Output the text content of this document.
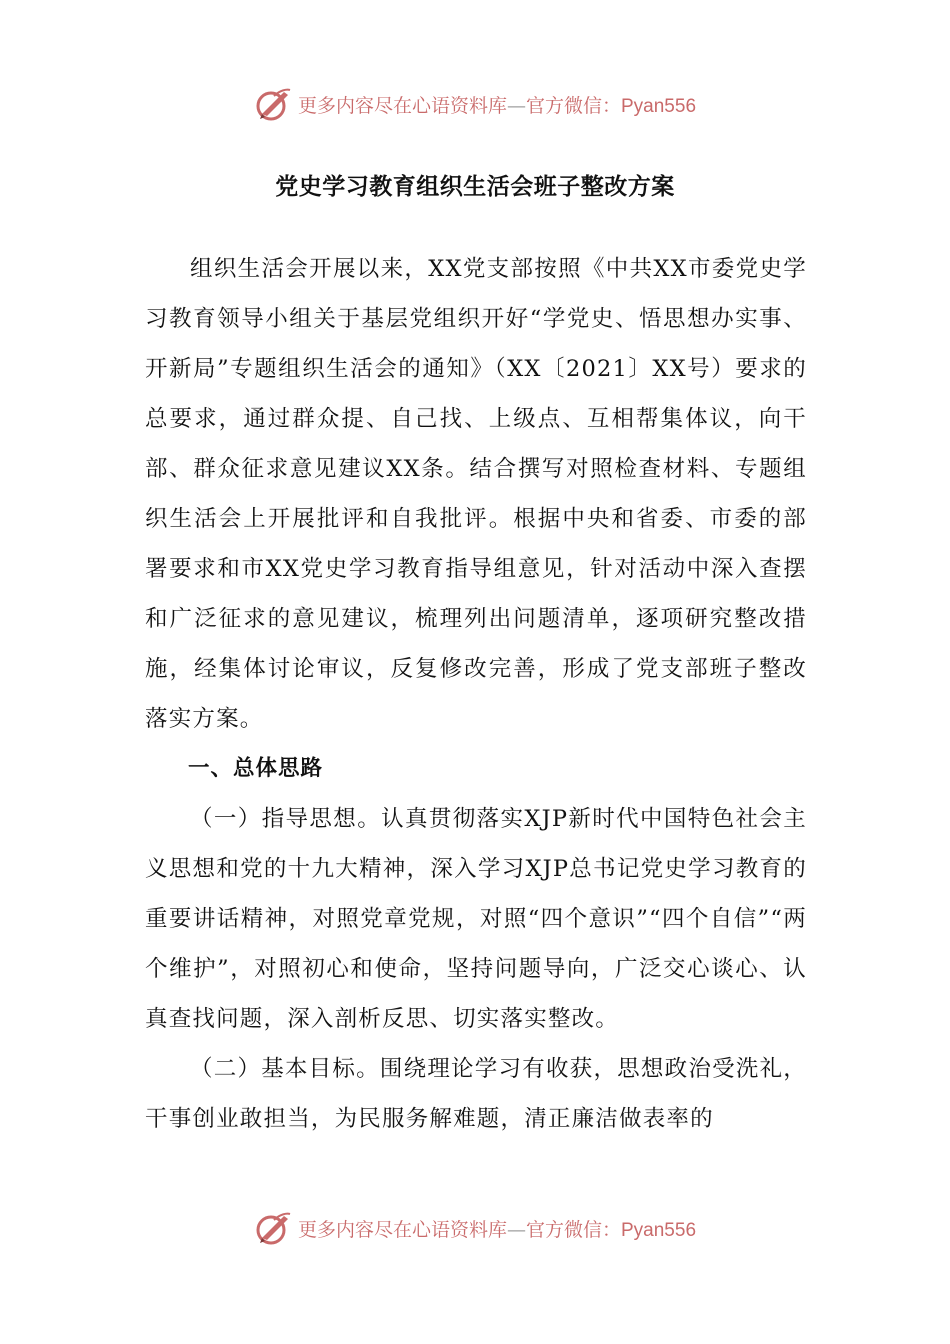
更多内容尽在心语资料库—官方微信：Pyan556
党史学习教育组织生活会班子整改方案

组织生活会开展以来，XX党支部按照《中共XX市委党史学习教育领导小组关于基层党组织开好“学党史、悟思想办实事、开新局”专题组织生活会的通知》（XX〔2021〕XX号）要求的总要求，通过群众提、自己找、上级点、互相帮集体议，向干部、群众征求意见建议XX条。结合撰写对照检查材料、专题组织生活会上开展批评和自我批评。根据中央和省委、市委的部署要求和市XX党史学习教育指导组意见，针对活动中深入查摆和广泛征求的意见建议，梳理列出问题清单，逐项研究整改措施，经集体讨论审议，反复修改完善，形成了党支部班子整改落实方案。

一、总体思路

（一）指导思想。认真贯彻落实XJP新时代中国特色社会主义思想和党的十九大精神，深入学习XJP总书记党史学习教育的重要讲话精神，对照党章党规，对照“四个意识”“四个自信”“两个维护”，对照初心和使命，坚持问题导向，广泛交心谈心、认真查找问题，深入剖析反思、切实落实整改。

（二）基本目标。围绕理论学习有收获，思想政治受洗礼，干事创业敢担当，为民服务解难题，清正廉洁做表率的

更多内容尽在心语资料库—官方微信：Pyan556
